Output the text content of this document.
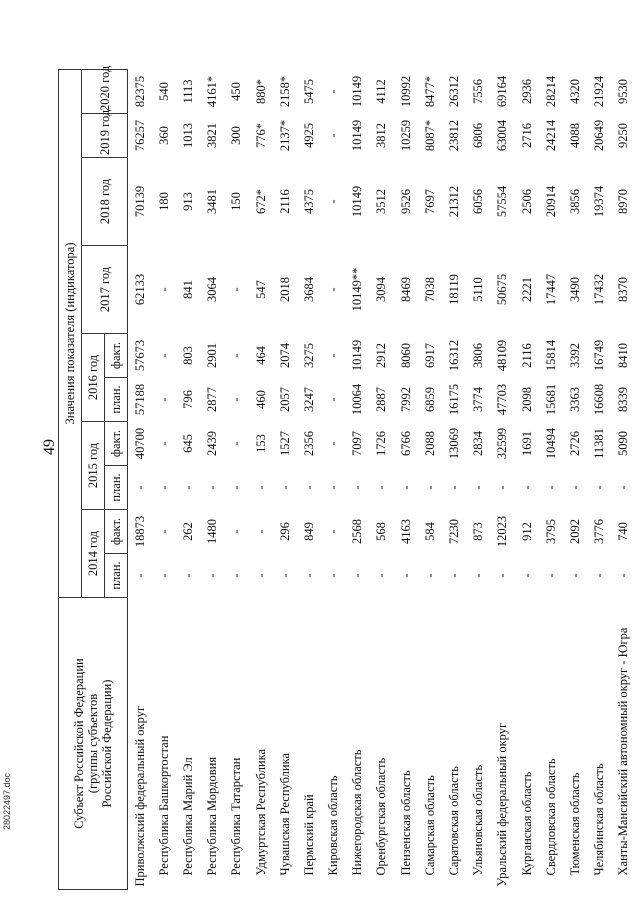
49
Субъект Российской Федерации (группы субъектов Российской Федерации)	Значения показателя (индикатора)									
	2014 год		2015 год		2016 год		2017 год	2018 год	2019 год	2020 год
	план.	факт.	план.	факт.	план.	факт.				
Приволжский федеральный округ	-	18873	-	40700	57188	57673	62133	70139	76257	82375
Республика Башкортостан	-	-	-	-	-	-	-	180	360	540
Республика Марий Эл	-	262	-	645	796	803	841	913	1013	1113
Республика Мордовия	-	1480	-	2439	2877	2901	3064	3481	3821	4161*
Республика Татарстан	-	-	-	-	-	-	-	150	300	450
Удмуртская Республика	-	-	-	153	460	464	547	672*	776*	880*
Чувашская Республика	-	296	-	1527	2057	2074	2018	2116	2137*	2158*
Пермский край	-	849	-	2356	3247	3275	3684	4375	4925	5475
Кировская область	-	-	-	-	-	-	-	-	-	-
Нижегородская область	-	2568	-	7097	10064	10149	10149**	10149	10149	10149
Оренбургская область	-	568	-	1726	2887	2912	3094	3512	3812	4112
Пензенская область	-	4163	-	6766	7992	8060	8469	9526	10259	10992
Самарская область	-	584	-	2088	6859	6917	7038	7697	8087*	8477*
Саратовская область	-	7230	-	13069	16175	16312	18119	21312	23812	26312
Ульяновская область	-	873	-	2834	3774	3806	5110	6056	6806	7556
Уральский федеральный округ	-	12023	-	32599	47703	48109	50675	57554	63004	69164
Курганская область	-	912	-	1691	2098	2116	2221	2506	2716	2936
Свердловская область	-	3795	-	10494	15681	15814	17447	20914	24214	28214
Тюменская область	-	2092	-	2726	3363	3392	3490	3856	4088	4320
Челябинская область	-	3776	-	11381	16608	16749	17432	19374	20649	21924
Ханты-Мансийский автономный округ - Югра	-	740	-	5090	8339	8410	8370	8970	9250	9530
28022497.doc
